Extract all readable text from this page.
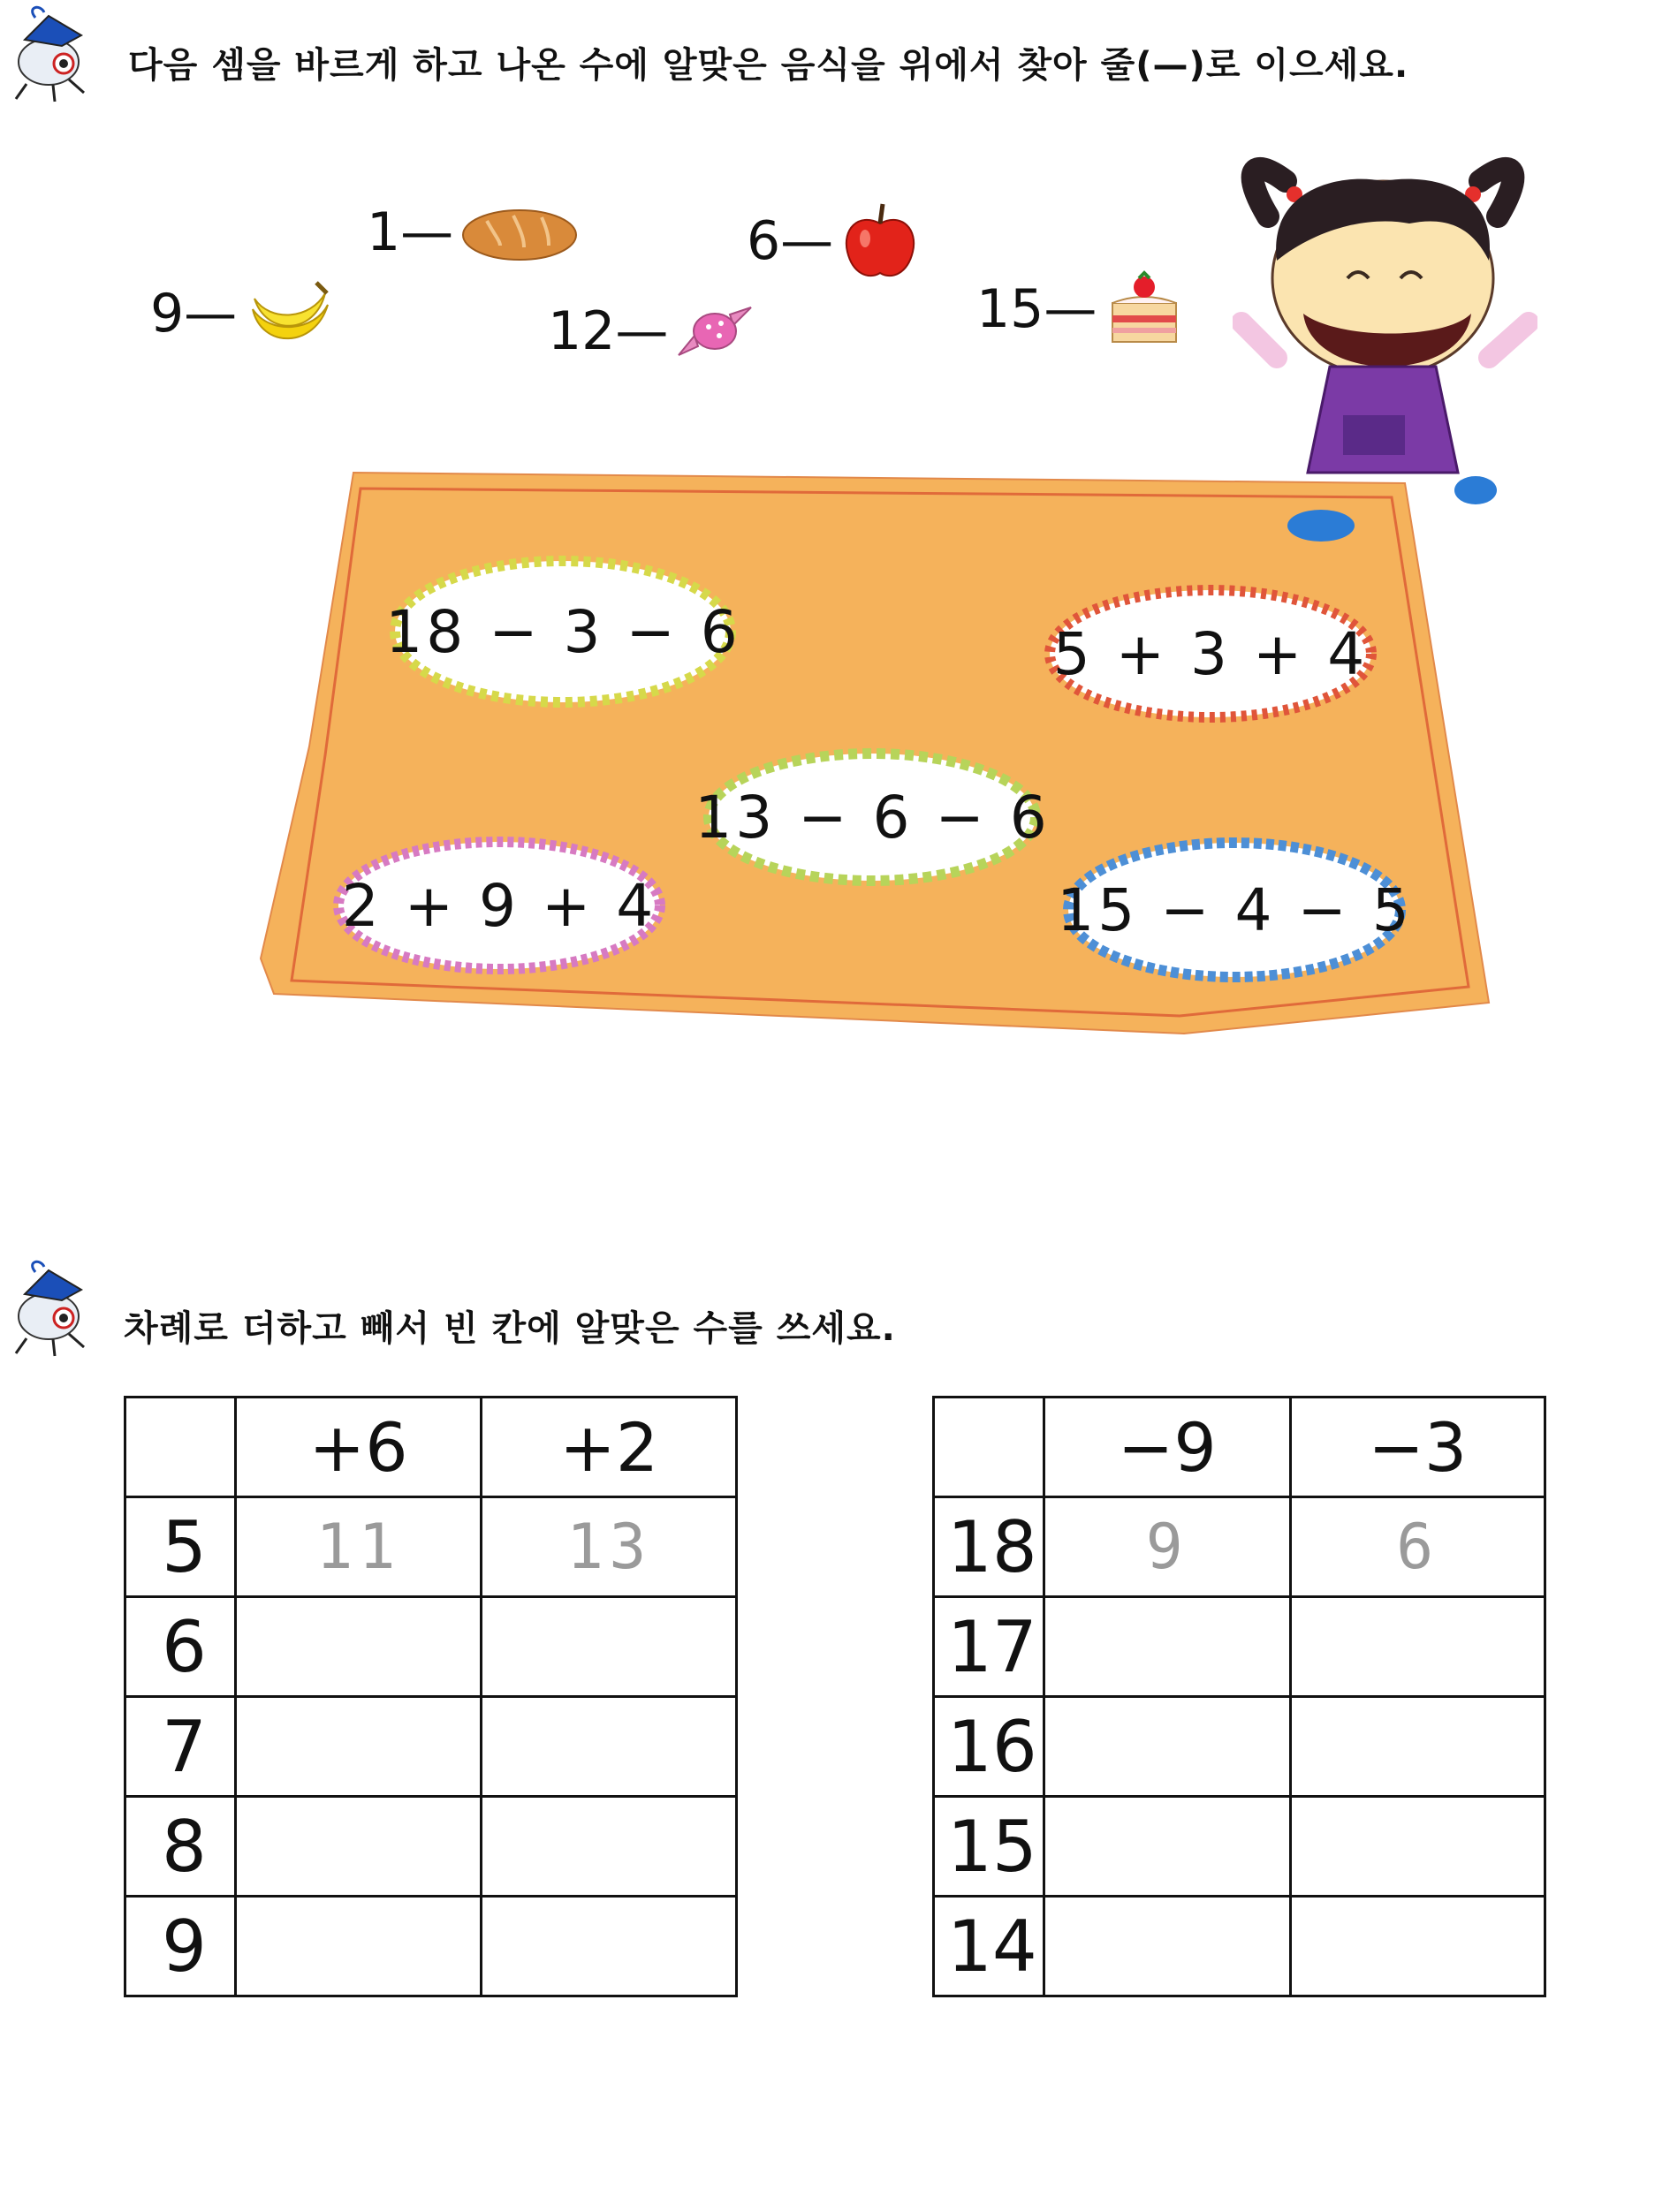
다음 셈을 바르게 하고 나온 수에 알맞은 음식을 위에서 찾아 줄(—)로 이으세요.
9—
1—
12—
6—
15—
18 − 3 − 6	5 + 3 + 4
13 − 6 − 6
2 + 9 + 4	15 − 4 − 5
차례로 더하고 빼서 빈 칸에 알맞은 수를 쓰세요.
	+6	+2
5	11	13
6		
7		
8		
9		
	−9	−3
18	9	6
17		
16		
15		
14		
